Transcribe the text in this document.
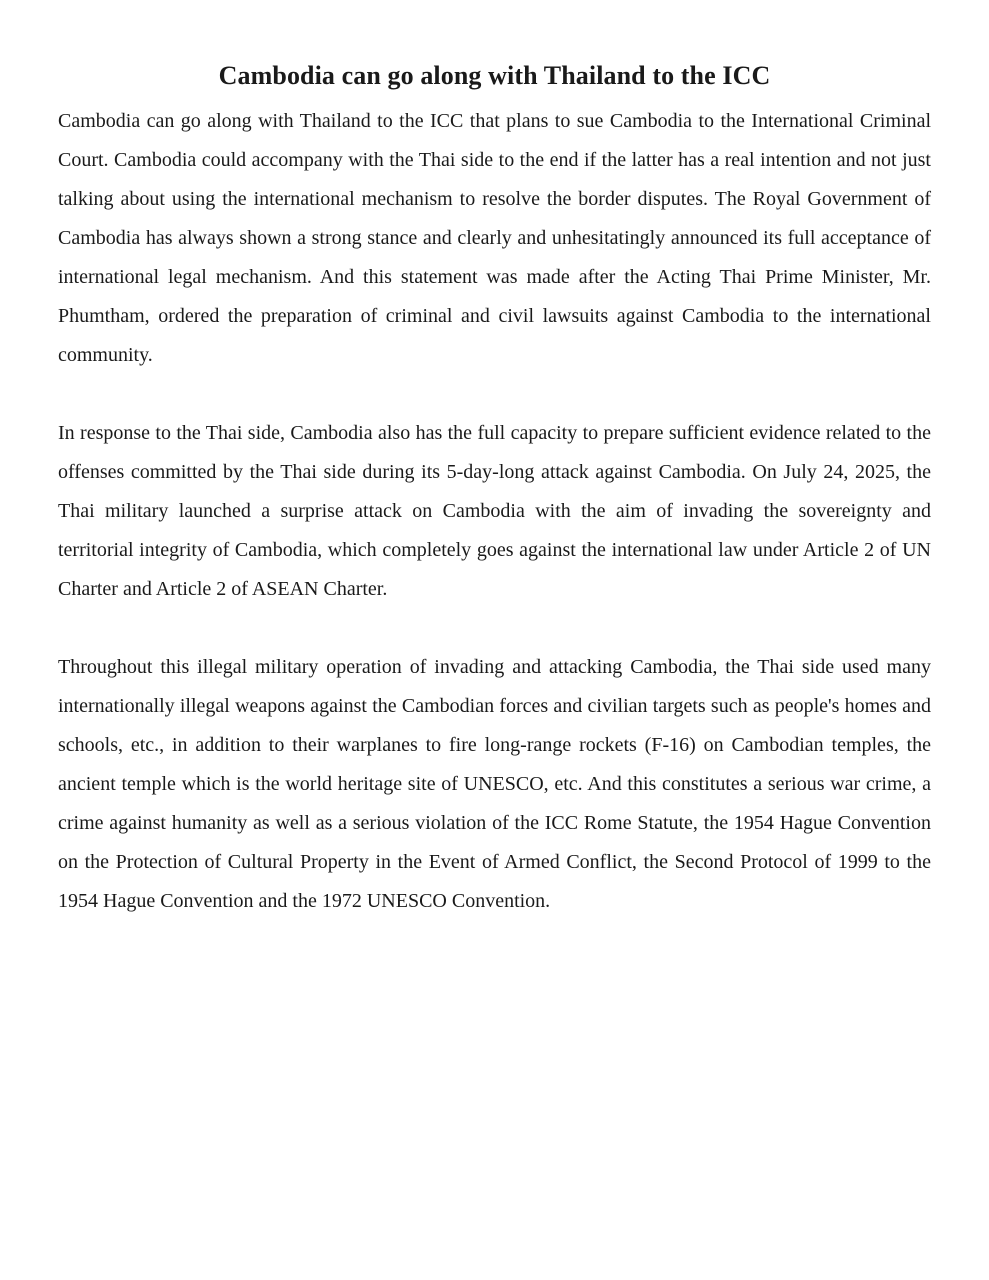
Cambodia can go along with Thailand to the ICC

Cambodia can go along with Thailand to the ICC that plans to sue Cambodia to the International Criminal Court. Cambodia could accompany with the Thai side to the end if the latter has a real intention and not just talking about using the international mechanism to resolve the border disputes. The Royal Government of Cambodia has always shown a strong stance and clearly and unhesitatingly announced its full acceptance of international legal mechanism. And this statement was made after the Acting Thai Prime Minister, Mr. Phumtham, ordered the preparation of criminal and civil lawsuits against Cambodia to the international community.

In response to the Thai side, Cambodia also has the full capacity to prepare sufficient evidence related to the offenses committed by the Thai side during its 5-day-long attack against Cambodia. On July 24, 2025, the Thai military launched a surprise attack on Cambodia with the aim of invading the sovereignty and territorial integrity of Cambodia, which completely goes against the international law under Article 2 of UN Charter and Article 2 of ASEAN Charter.

Throughout this illegal military operation of invading and attacking Cambodia, the Thai side used many internationally illegal weapons against the Cambodian forces and civilian targets such as people's homes and schools, etc., in addition to their warplanes to fire long-range rockets (F-16) on Cambodian temples, the ancient temple which is the world heritage site of UNESCO, etc. And this constitutes a serious war crime, a crime against humanity as well as a serious violation of the ICC Rome Statute, the 1954 Hague Convention on the Protection of Cultural Property in the Event of Armed Conflict, the Second Protocol of 1999 to the 1954 Hague Convention and the 1972 UNESCO Convention.
